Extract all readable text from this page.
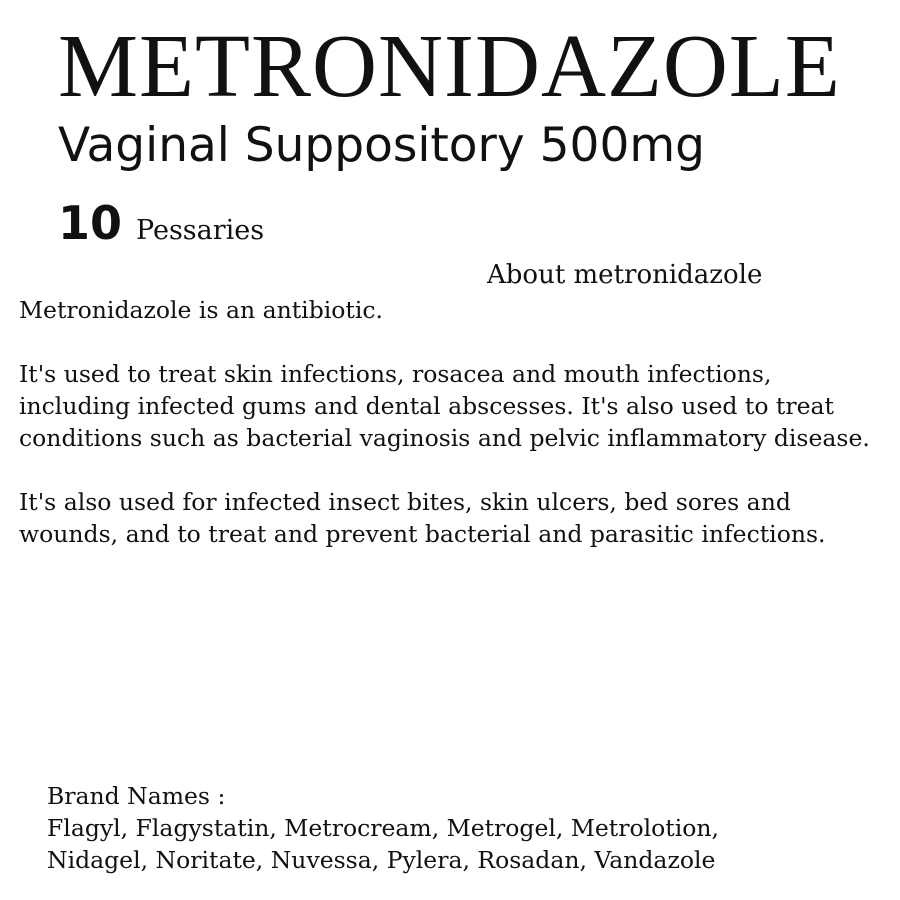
METRONIDAZOLE
Vaginal Suppository 500mg
10 Pessaries
About metronidazole

Metronidazole is an antibiotic.

It's used to treat skin infections, rosacea and mouth infections, including infected gums and dental abscesses. It's also used to treat conditions such as bacterial vaginosis and pelvic inflammatory disease.

It's also used for infected insect bites, skin ulcers, bed sores and wounds, and to treat and prevent bacterial and parasitic infections.

Brand Names :
Flagyl, Flagystatin, Metrocream, Metrogel, Metrolotion,
Nidagel, Noritate, Nuvessa, Pylera, Rosadan, Vandazole
